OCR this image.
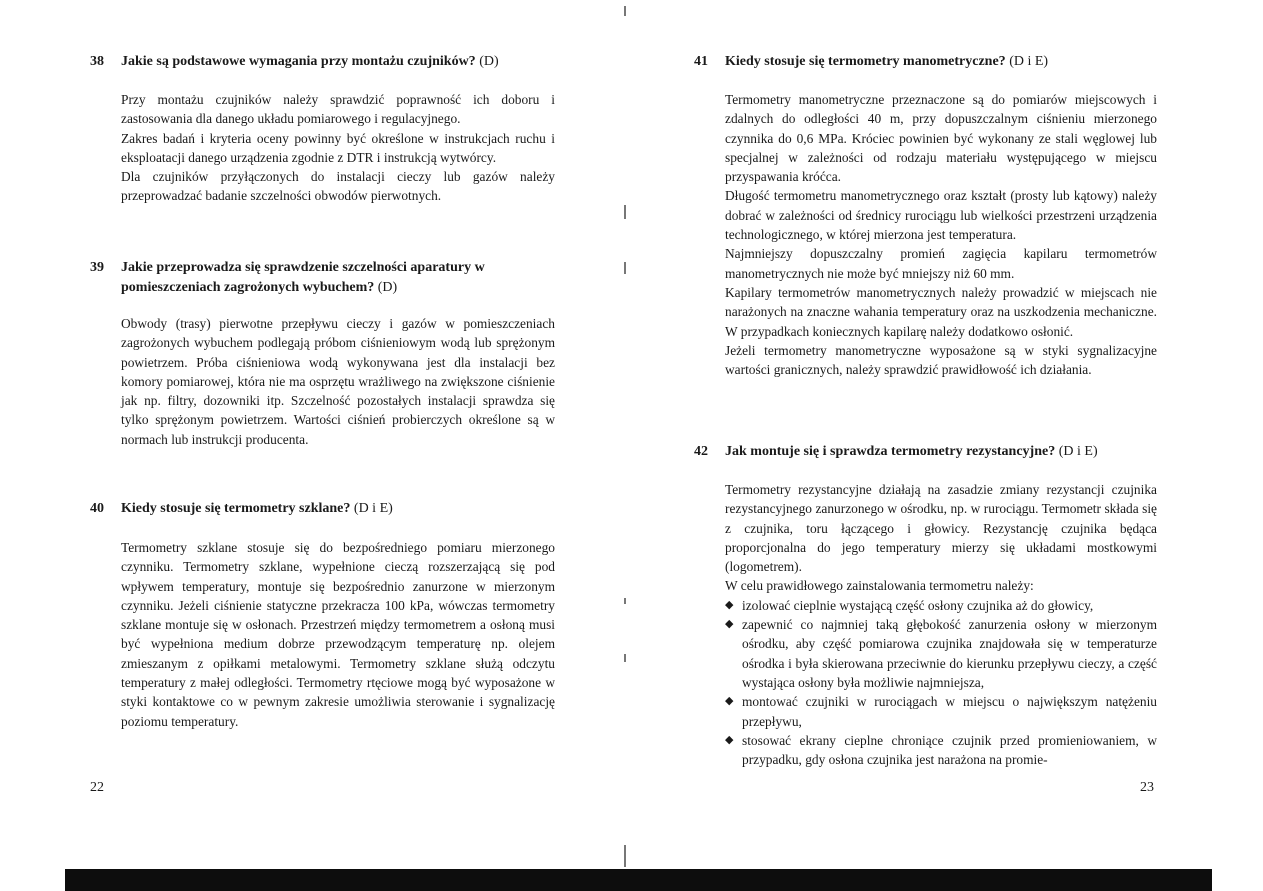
38	Jakie są podstawowe wymagania przy montażu czujników? (D)

Przy montażu czujników należy sprawdzić poprawność ich doboru i zastosowania dla danego układu pomiarowego i regulacyjnego.

Zakres badań i kryteria oceny powinny być określone w instrukcjach ruchu i eksploatacji danego urządzenia zgodnie z DTR i instrukcją wytwórcy.

Dla czujników przyłączonych do instalacji cieczy lub gazów należy przeprowadzać badanie szczelności obwodów pierwotnych.

39	Jakie przeprowadza się sprawdzenie szczelności aparatury w pomieszczeniach zagrożonych wybuchem? (D)

Obwody (trasy) pierwotne przepływu cieczy i gazów w pomieszczeniach zagrożonych wybuchem podlegają próbom ciśnieniowym wodą lub sprężonym powietrzem. Próba ciśnieniowa wodą wykonywana jest dla instalacji bez komory pomiarowej, która nie ma osprzętu wrażliwego na zwiększone ciśnienie jak np. filtry, dozowniki itp. Szczelność pozostałych instalacji sprawdza się tylko sprężonym powietrzem. Wartości ciśnień probierczych określone są w normach lub instrukcji producenta.

40	Kiedy stosuje się termometry szklane? (D i E)

Termometry szklane stosuje się do bezpośredniego pomiaru mierzonego czynniku. Termometry szklane, wypełnione cieczą rozszerzającą się pod wpływem temperatury, montuje się bezpośrednio zanurzone w mierzonym czynniku. Jeżeli ciśnienie statyczne przekracza 100 kPa, wówczas termometry szklane montuje się w osłonach. Przestrzeń między termometrem a osłoną musi być wypełniona medium dobrze przewodzącym temperaturę np. olejem zmieszanym z opiłkami metalowymi. Termometry szklane służą odczytu temperatury z małej odległości. Termometry rtęciowe mogą być wyposażone w styki kontaktowe co w pewnym zakresie umożliwia sterowanie i sygnalizację poziomu temperatury.

22
41	Kiedy stosuje się termometry manometryczne? (D i E)

Termometry manometryczne przeznaczone są do pomiarów miejscowych i zdalnych do odległości 40 m, przy dopuszczalnym ciśnieniu mierzonego czynnika do 0,6 MPa. Króciec powinien być wykonany ze stali węglowej lub specjalnej w zależności od rodzaju materiału występującego w miejscu przyspawania króćca.

Długość termometru manometrycznego oraz kształt (prosty lub kątowy) należy dobrać w zależności od średnicy rurociągu lub wielkości przestrzeni urządzenia technologicznego, w której mierzona jest temperatura.

Najmniejszy dopuszczalny promień zagięcia kapilaru termometrów manometrycznych nie może być mniejszy niż 60 mm.

Kapilary termometrów manometrycznych należy prowadzić w miejscach nie narażonych na znaczne wahania temperatury oraz na uszkodzenia mechaniczne. W przypadkach koniecznych kapilarę należy dodatkowo osłonić.

Jeżeli termometry manometryczne wyposażone są w styki sygnalizacyjne wartości granicznych, należy sprawdzić prawidłowość ich działania.

42	Jak montuje się i sprawdza termometry rezystancyjne? (D i E)

Termometry rezystancyjne działają na zasadzie zmiany rezystancji czujnika rezystancyjnego zanurzonego w ośrodku, np. w rurociągu. Termometr składa się z czujnika, toru łączącego i głowicy. Rezystancję czujnika będąca proporcjonalna do jego temperatury mierzy się układami mostkowymi (logometrem).

W celu prawidłowego zainstalowania termometru należy:

◆ izolować cieplnie wystającą część osłony czujnika aż do głowicy,
◆ zapewnić co najmniej taką głębokość zanurzenia osłony w mierzonym ośrodku, aby część pomiarowa czujnika znajdowała się w temperaturze ośrodka i była skierowana przeciwnie do kierunku przepływu cieczy, a część wystająca osłony była możliwie najmniejsza,
◆ montować czujniki w rurociągach w miejscu o największym natężeniu przepływu,
◆ stosować ekrany cieplne chroniące czujnik przed promieniowaniem, w przypadku, gdy osłona czujnika jest narażona na promie-
23
